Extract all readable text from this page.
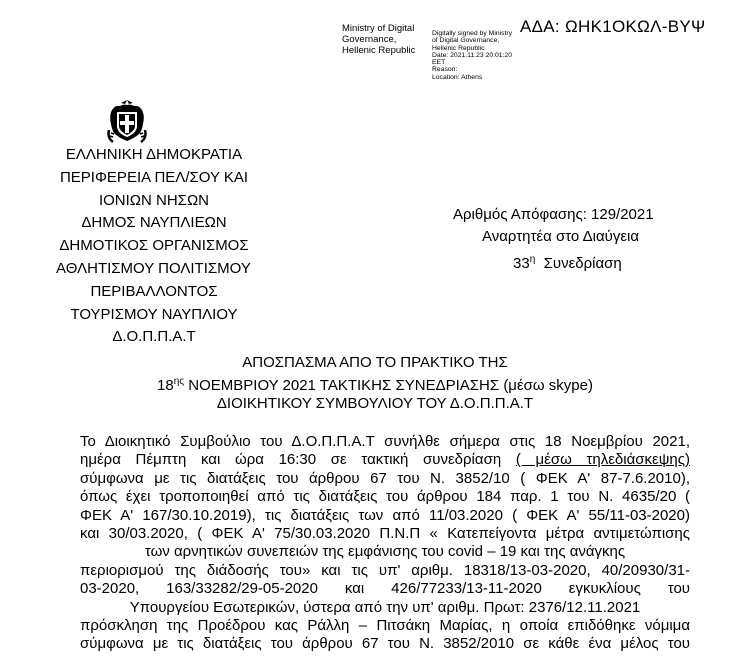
ΑΔΑ: ΩΗΚ1ΟΚΩΛ-ΒΥΨ
Ministry of Digital
Governance,
Hellenic Republic
Digitally signed by Ministry
of Digital Governance,
Hellenic Republic
Date: 2021.11.23 20:01:20
EET
Reason:
Location: Athens
ΕΛΛΗΝΙΚΗ ΔΗΜΟΚΡΑΤΙΑ
ΠΕΡΙΦΕΡΕΙΑ ΠΕΛ/ΣΟΥ ΚΑΙ
ΙΟΝΙΩΝ ΝΗΣΩΝ
ΔΗΜΟΣ ΝΑΥΠΛΙΕΩΝ
ΔΗΜΟΤΙΚΟΣ ΟΡΓΑΝΙΣΜΟΣ
ΑΘΛΗΤΙΣΜΟΥ ΠΟΛΙΤΙΣΜΟΥ
ΠΕΡΙΒΑΛΛΟΝΤΟΣ
ΤΟΥΡΙΣΜΟΥ ΝΑΥΠΛΙΟΥ
Δ.Ο.Π.Π.Α.Τ
Αριθμός Απόφασης: 129/2021
Αναρτητέα στο Διαύγεια
$33^\eta$ Συνεδρίαση
ΑΠΟΣΠΑΣΜΑ ΑΠΟ ΤΟ ΠΡΑΚΤΙΚΟ ΤΗΣ
$18^{\eta\varsigma}$ ΝΟΕΜΒΡΙΟΥ 2021 ΤΑΚΤΙΚΗΣ ΣΥΝΕΔΡΙΑΣΗΣ (μέσω skype)
ΔΙΟΙΚΗΤΙΚΟΥ ΣΥΜΒΟΥΛΙΟΥ ΤΟΥ Δ.Ο.Π.Π.Α.Τ

Το Διοικητικό Συμβούλιο του Δ.Ο.Π.Π.Α.Τ συνήλθε σήμερα στις 18 Νοεμβρίου 2021,

ημέρα Πέμπτη και ώρα 16:30 σε τακτική συνεδρίαση ( μέσω τηλεδιάσκεψης)

σύμφωνα με τις διατάξεις του άρθρου 67 του Ν. 3852/10 ( ΦΕΚ Α' 87-7.6.2010),

όπως έχει τροποποιηθεί από τις διατάξεις του άρθρου 184 παρ. 1 του Ν. 4635/20 (

ΦΕΚ Α' 167/30.10.2019), τις διατάξεις των από 11/03.2020 ( ΦΕΚ Α' 55/11-03-2020)

και 30/03.2020, ( ΦΕΚ Α' 75/30.03.2020 Π.Ν.Π « Κατεπείγοντα μέτρα αντιμετώπισης

των αρνητικών συνεπειών της εμφάνισης του covid – 19 και της ανάγκης

περιορισμού της διάδοσής του» και τις υπ' αριθμ. 18318/13-03-2020, 40/20930/31-

03-2020, 163/33282/29-05-2020 και 426/77233/13-11-2020 εγκυκλίους του

Υπουργείου Εσωτερικών, ύστερα από την υπ' αριθμ. Πρωτ: 2376/12.11.2021

πρόσκληση της Προέδρου κας Ράλλη – Πιτσάκη Μαρίας, η οποία επιδόθηκε νόμιμα

σύμφωνα με τις διατάξεις του άρθρου 67 του Ν. 3852/2010 σε κάθε ένα μέλος του
